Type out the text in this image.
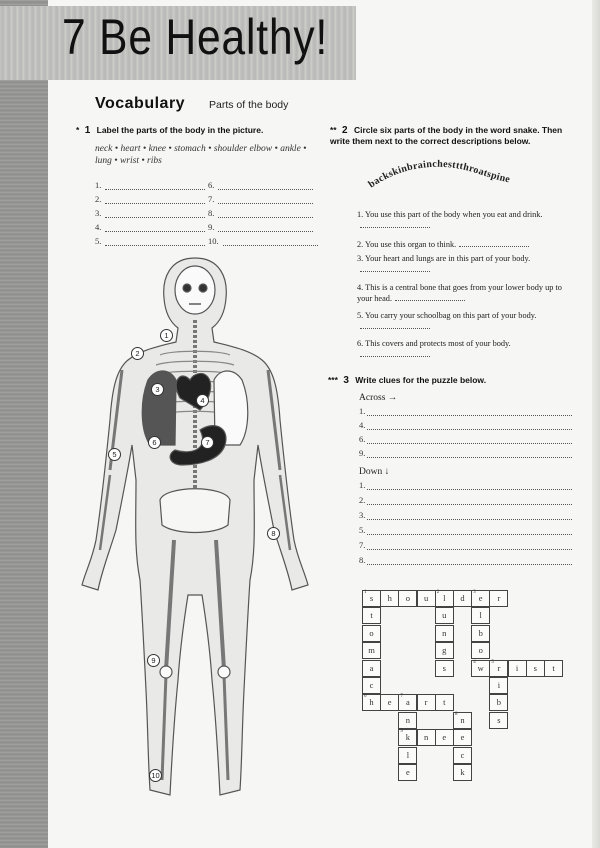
7 Be Healthy!
Vocabulary Parts of the body
* 1 Label the parts of the body in the picture.
neck • heart • knee • stomach • shoulder elbow • ankle • lung • wrist • ribs
1.
2.
3.
4.
5.
6.
7.
8.
9.
10.
1
2
3
4
5
6	7
8
9
10
** 2 Circle six parts of the body in the word snake. Then write them next to the correct descriptions below.
backskinbrainchesttthroatspine
1. You use this part of the body when you eat and drink.
2. You use this organ to think.
3. Your heart and lungs are in this part of your body.
4. This is a central bone that goes from your lower body up to your head.
5. You carry your schoolbag on this part of your body.
6. This covers and protects most of your body.
*** 3 Write clues for the puzzle below.
Across →
1.
4.
6.
9.
Down ↓
1.
2.
3.
5.
7.
8.
1
s	h	o	u
2
l	d
3
e	r
t	u	l
o	n	b
m	g	o
a	s
4
w
5
r	i	s	t
c	i
6
h	e
7
a	r	t	b
n
8
n	s
9
k	n	e	e
l	c
e	k
